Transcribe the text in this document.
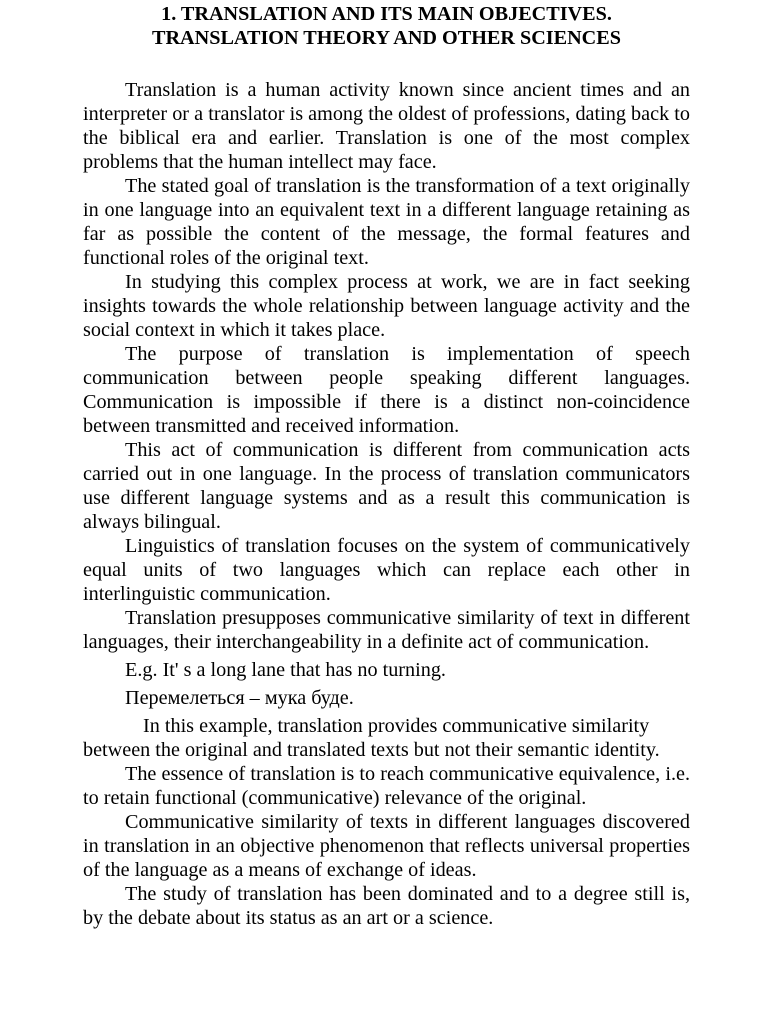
1. TRANSLATION AND ITS MAIN OBJECTIVES.
TRANSLATION THEORY AND OTHER SCIENCES

Translation is a human activity known since ancient times and an interpreter or a translator is among the oldest of professions, dating back to the biblical era and earlier. Translation is one of the most complex problems that the human intellect may face.

The stated goal of translation is the transformation of a text originally in one language into an equivalent text in a different language retaining as far as possible the content of the message, the formal features and functional roles of the original text.

In studying this complex process at work, we are in fact seeking insights towards the whole relationship between language activity and the social context in which it takes place.

The purpose of translation is implementation of speech communication between people speaking different languages. Communication is impossible if there is a distinct non-coincidence between transmitted and received information.

This act of communication is different from communication acts carried out in one language. In the process of translation communicators use different language systems and as a result this communication is always bilingual.

Linguistics of translation focuses on the system of communicatively equal units of two languages which can replace each other in interlinguistic communication.

Translation presupposes communicative similarity of text in different languages, their interchangeability in a definite act of communication.

E.g. It' s a long lane that has no turning.

Перемелеться – мука буде.

In this example, translation provides communicative similarity between the original and translated texts but not their semantic identity.

The essence of translation is to reach communicative equivalence, i.e. to retain functional (communicative) relevance of the original.

Communicative similarity of texts in different languages discovered in translation in an objective phenomenon that reflects universal properties of the language as a means of exchange of ideas.

The study of translation has been dominated and to a degree still is, by the debate about its status as an art or a science.
